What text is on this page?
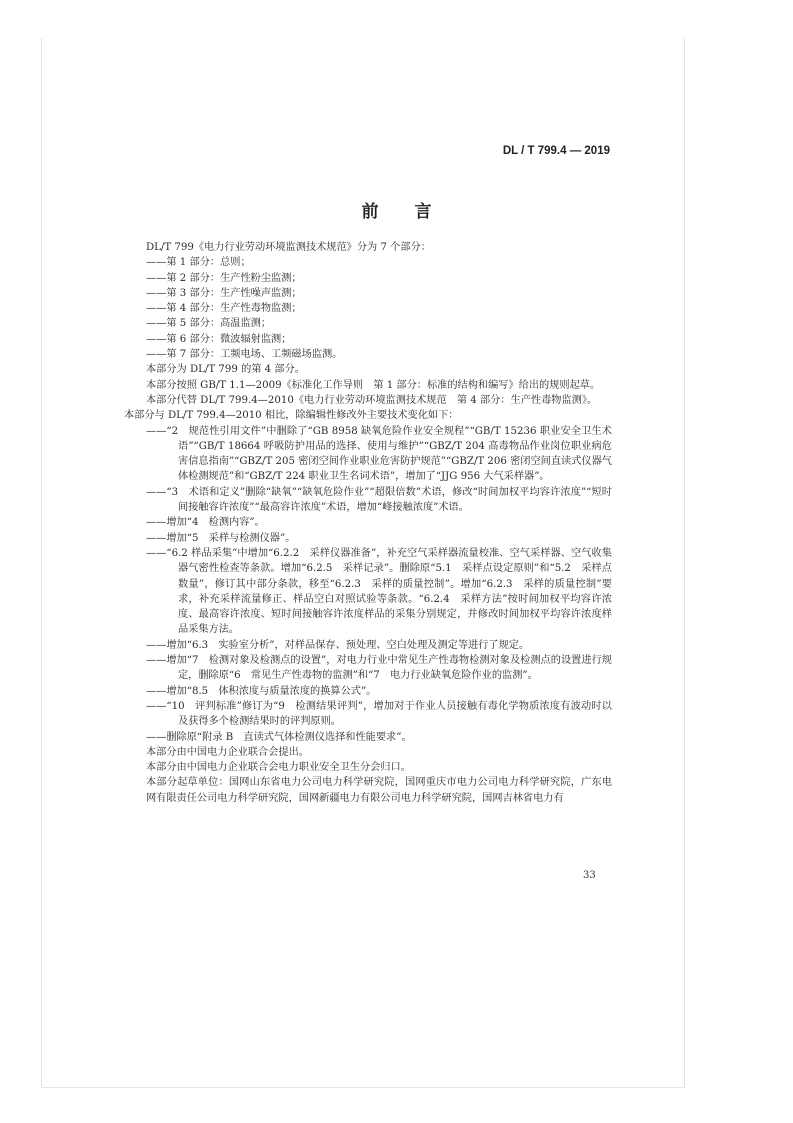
DL / T 799.4 — 2019
前 言

DL/T 799《电力行业劳动环境监测技术规范》分为 7 个部分：

——第 1 部分：总则；

——第 2 部分：生产性粉尘监测；

——第 3 部分：生产性噪声监测；

——第 4 部分：生产性毒物监测；

——第 5 部分：高温监测；

——第 6 部分：微波辐射监测；

——第 7 部分：工频电场、工频磁场监测。

本部分为 DL/T 799 的第 4 部分。

本部分按照 GB/T 1.1—2009《标准化工作导则　第 1 部分：标准的结构和编写》给出的规则起草。

本部分代替 DL/T 799.4—2010《电力行业劳动环境监测技术规范　第 4 部分：生产性毒物监测》。

本部分与 DL/T 799.4—2010 相比，除编辑性修改外主要技术变化如下：

——“2　规范性引用文件”中删除了“GB 8958 缺氧危险作业安全规程”“GB/T 15236 职业安全卫生术语”“GB/T 18664 呼吸防护用品的选择、使用与维护”“GBZ/T 204 高毒物品作业岗位职业病危害信息指南”“GBZ/T 205 密闭空间作业职业危害防护规范”“GBZ/T 206 密闭空间直读式仪器气体检测规范”和“GBZ/T 224 职业卫生名词术语”，增加了“JJG 956 大气采样器”。

——“3　术语和定义”删除“缺氧”“缺氧危险作业”“超限倍数”术语，修改“时间加权平均容许浓度”“短时间接触容许浓度”“最高容许浓度”术语，增加“峰接触浓度”术语。

——增加“4　检测内容”。

——增加“5　采样与检测仪器”。

——“6.2 样品采集”中增加“6.2.2　采样仪器准备”，补充空气采样器流量校准、空气采样器、空气收集器气密性检查等条款。增加“6.2.5　采样记录”。删除原“5.1　采样点设定原则”和“5.2　采样点数量”，修订其中部分条款，移至“6.2.3　采样的质量控制”。增加“6.2.3　采样的质量控制”要求，补充采样流量修正、样品空白对照试验等条款。“6.2.4　采样方法”按时间加权平均容许浓度、最高容许浓度、短时间接触容许浓度样品的采集分别规定，并修改时间加权平均容许浓度样品采集方法。

——增加“6.3　实验室分析”，对样品保存、预处理、空白处理及测定等进行了规定。

——增加“7　检测对象及检测点的设置”，对电力行业中常见生产性毒物检测对象及检测点的设置进行规定，删除原“6　常见生产性毒物的监测”和“7　电力行业缺氧危险作业的监测”。

——增加“8.5　体积浓度与质量浓度的换算公式”。

——“10　评判标准”修订为“9　检测结果评判”，增加对于作业人员接触有毒化学物质浓度有波动时以及获得多个检测结果时的评判原则。

——删除原“附录 B　直读式气体检测仪选择和性能要求”。

本部分由中国电力企业联合会提出。

本部分由中国电力企业联合会电力职业安全卫生分会归口。

本部分起草单位：国网山东省电力公司电力科学研究院，国网重庆市电力公司电力科学研究院，广东电网有限责任公司电力科学研究院，国网新疆电力有限公司电力科学研究院，国网吉林省电力有

33
